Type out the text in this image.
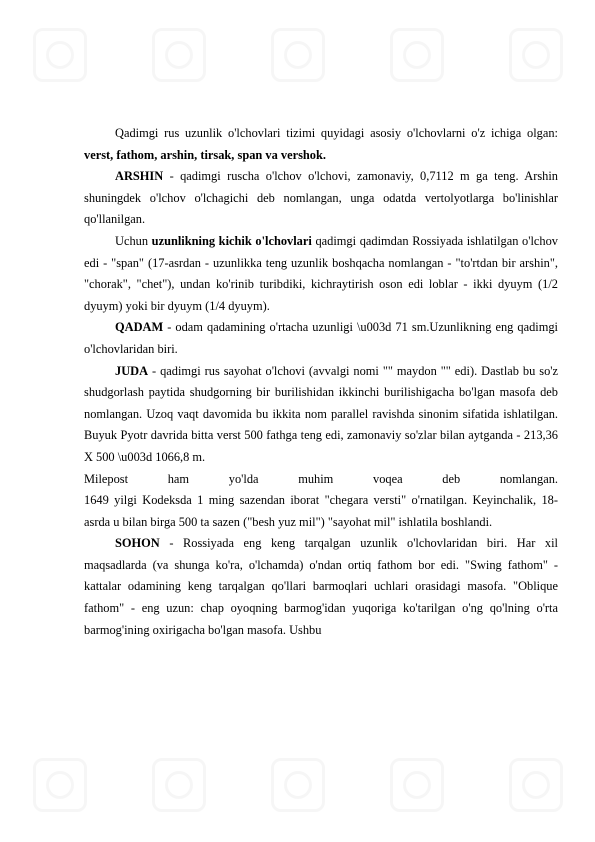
Qadimgi rus uzunlik o'lchovlari tizimi quyidagi asosiy o'lchovlarni o'z ichiga olgan: verst, fathom, arshin, tirsak, span va vershok.

ARSHIN - qadimgi ruscha o'lchov o'lchovi, zamonaviy, 0,7112 m ga teng. Arshin shuningdek o'lchov o'lchagichi deb nomlangan, unga odatda vertolyotlarga bo'linishlar qo'llanilgan.

Uchun uzunlikning kichik o'lchovlari qadimgi qadimdan Rossiyada ishlatilgan o'lchov edi - "span" (17-asrdan - uzunlikka teng uzunlik boshqacha nomlangan - "to'rtdan bir arshin", "chorak", "chet"), undan ko'rinib turibdiki, kichraytirish oson edi loblar - ikki dyuym (1/2 dyuym) yoki bir dyuym (1/4 dyuym).

QADAM - odam qadamining o'rtacha uzunligi \u003d 71 sm.Uzunlikning eng qadimgi o'lchovlaridan biri.

JUDA - qadimgi rus sayohat o'lchovi (avvalgi nomi "" maydon "" edi). Dastlab bu so'z shudgorlash paytida shudgorning bir burilishidan ikkinchi burilishigacha bo'lgan masofa deb nomlangan. Uzoq vaqt davomida bu ikkita nom parallel ravishda sinonim sifatida ishlatilgan. Buyuk Pyotr davrida bitta verst 500 fathga teng edi, zamonaviy so'zlar bilan aytganda - 213,36 X 500 \u003d 1066,8 m.

Milepost ham yo'lda muhim voqea deb nomlangan.

1649 yilgi Kodeksda 1 ming sazendan iborat "chegara versti" o'rnatilgan. Keyinchalik, 18-asrda u bilan birga 500 ta sazen ("besh yuz mil") "sayohat mil" ishlatila boshlandi.

SOHON - Rossiyada eng keng tarqalgan uzunlik o'lchovlaridan biri. Har xil maqsadlarda (va shunga ko'ra, o'lchamda) o'ndan ortiq fathom bor edi. "Swing fathom" - kattalar odamining keng tarqalgan qo'llari barmoqlari uchlari orasidagi masofa. "Oblique fathom" - eng uzun: chap oyoqning barmog'idan yuqoriga ko'tarilgan o'ng qo'lning o'rta barmog'ining oxirigacha bo'lgan masofa. Ushbu
